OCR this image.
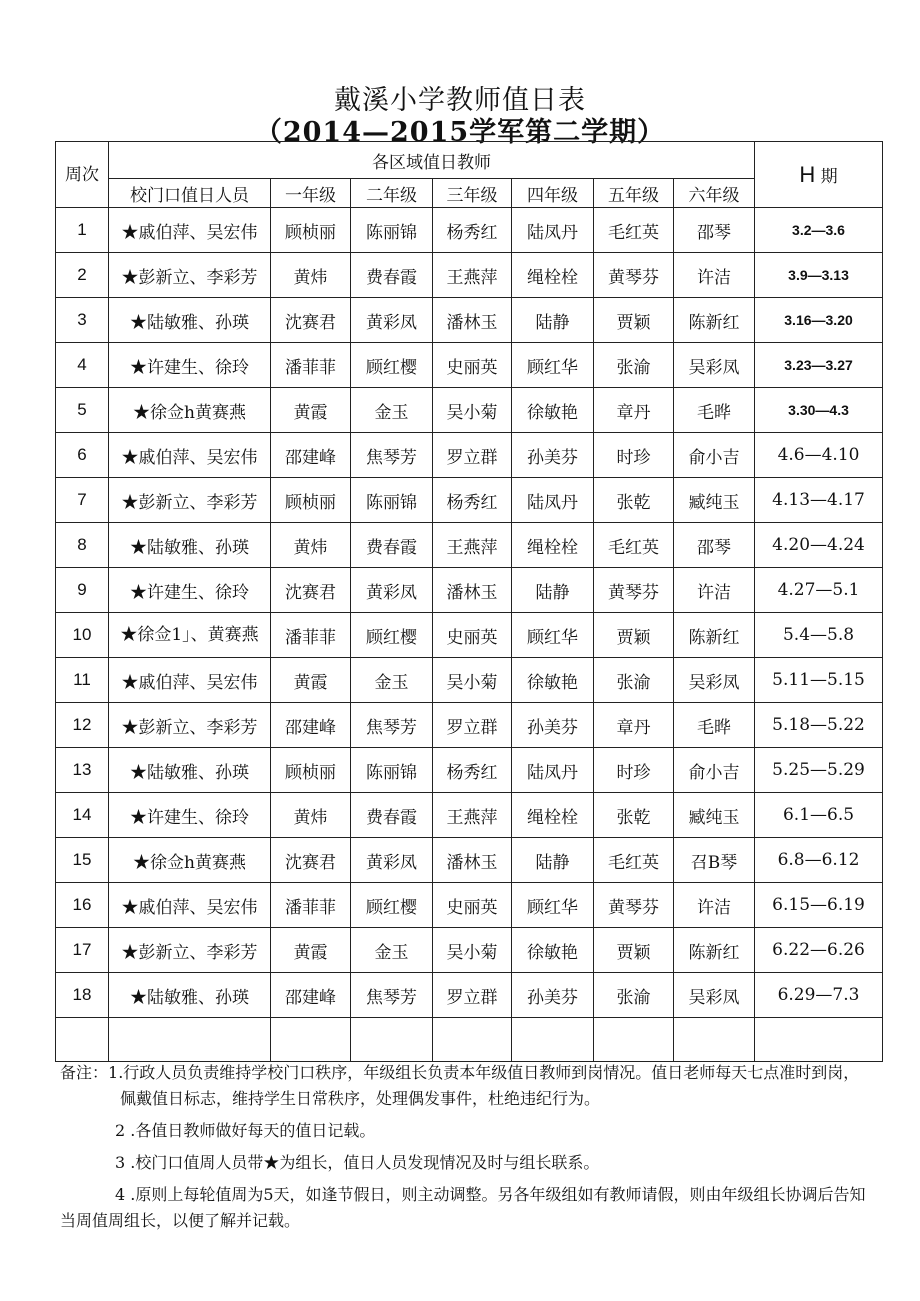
戴溪小学教师值日表
（2014—2015学军第二学期）
周次	各区域值日教师							H 期
	校门口值日人员	一年级	二年级	三年级	四年级	五年级	六年级	
1	★戚伯萍、吴宏伟	顾桢丽	陈丽锦	杨秀红	陆凤丹	毛红英	邵琴	3.2—3.6
2	★彭新立、李彩芳	黄炜	费春霞	王燕萍	绳栓栓	黄琴芬	许洁	3.9—3.13
3	★陆敏雅、孙瑛	沈赛君	黄彩凤	潘林玉	陆静	贾颖	陈新红	3.16—3.20
4	★许建生、徐玲	潘菲菲	顾红樱	史丽英	顾红华	张渝	吴彩凤	3.23—3.27
5	★徐佥h黄赛燕	黄霞	金玉	吴小菊	徐敏艳	章丹	毛晔	3.30—4.3
6	★戚伯萍、吴宏伟	邵建峰	焦琴芳	罗立群	孙美芬	时珍	俞小吉	4.6—4.10
7	★彭新立、李彩芳	顾桢丽	陈丽锦	杨秀红	陆凤丹	张乾	臧纯玉	4.13—4.17
8	★陆敏雅、孙瑛	黄炜	费春霞	王燕萍	绳栓栓	毛红英	邵琴	4.20—4.24
9	★许建生、徐玲	沈赛君	黄彩凤	潘林玉	陆静	黄琴芬	许洁	4.27—5.1
10	★徐佥1」、黄赛燕	潘菲菲	顾红樱	史丽英	顾红华	贾颖	陈新红	5.4—5.8
11	★戚伯萍、吴宏伟	黄霞	金玉	吴小菊	徐敏艳	张渝	吴彩凤	5.11—5.15
12	★彭新立、李彩芳	邵建峰	焦琴芳	罗立群	孙美芬	章丹	毛晔	5.18—5.22
13	★陆敏雅、孙瑛	顾桢丽	陈丽锦	杨秀红	陆凤丹	时珍	俞小吉	5.25—5.29
14	★许建生、徐玲	黄炜	费春霞	王燕萍	绳栓栓	张乾	臧纯玉	6.1—6.5
15	★徐佥h黄赛燕	沈赛君	黄彩凤	潘林玉	陆静	毛红英	召B琴	6.8—6.12
16	★戚伯萍、吴宏伟	潘菲菲	顾红樱	史丽英	顾红华	黄琴芬	许洁	6.15—6.19
17	★彭新立、李彩芳	黄霞	金玉	吴小菊	徐敏艳	贾颖	陈新红	6.22—6.26
18	★陆敏雅、孙瑛	邵建峰	焦琴芳	罗立群	孙美芬	张渝	吴彩凤	6.29—7.3

备注：1.行政人员负责维持学校门口秩序，年级组长负责本年级值日教师到岗情况。值日老师每天七点准时到岗，佩戴值日标志，维持学生日常秩序，处理偶发事件，杜绝违纪行为。

2 .各值日教师做好每天的值日记载。

3 .校门口值周人员带★为组长，值日人员发现情况及时与组长联系。

4 .原则上每轮值周为5天，如逢节假日，则主动调整。另各年级组如有教师请假，则由年级组长协调后告知当周值周组长，以便了解并记载。
